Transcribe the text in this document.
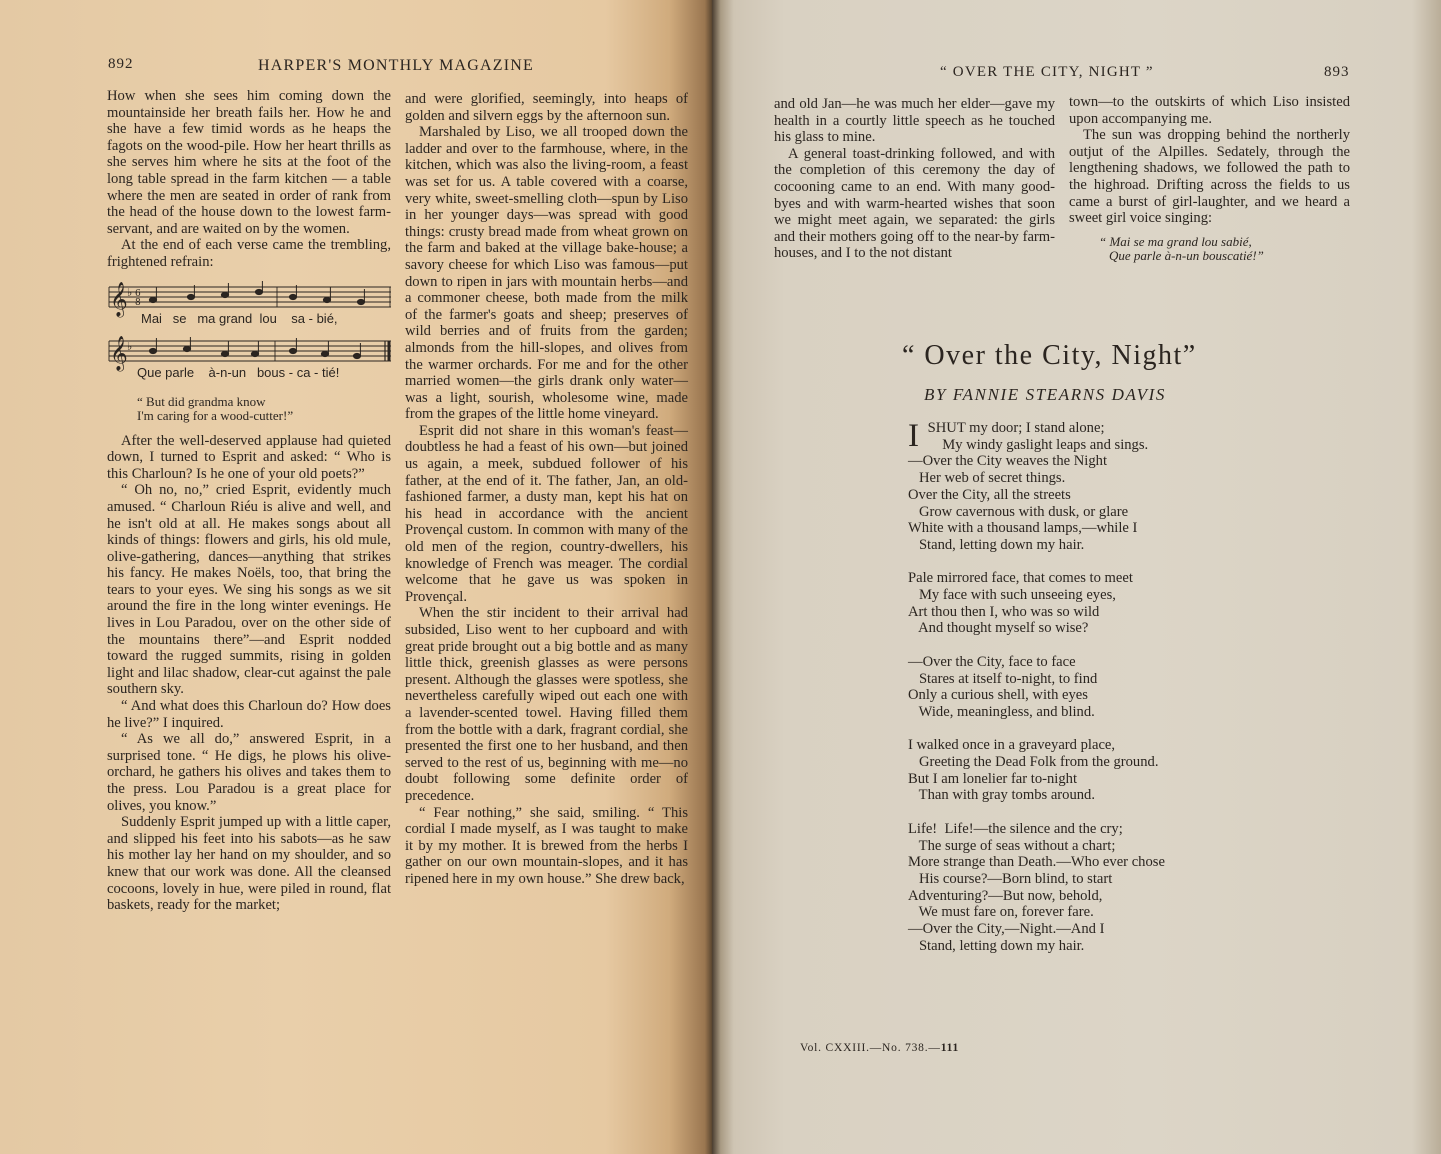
892	HARPER'S MONTHLY MAGAZINE

How when she sees him coming down the mountainside her breath fails her. How he and she have a few timid words as he heaps the fagots on the wood-pile. How her heart thrills as she serves him where he sits at the foot of the long table spread in the farm kitchen — a table where the men are seated in order of rank from the head of the house down to the lowest farm-servant, and are waited on by the women.

At the end of each verse came the trembling, frightened refrain:

𝄞
𝄞
♭
♭
6
8
Mai   se   ma grand  lou    sa - bié,
Que parle    à-n-un   bous - ca - tié!
“ But did grandma know
I'm caring for a wood-cutter!”

After the well-deserved applause had quieted down, I turned to Esprit and asked: “ Who is this Charloun? Is he one of your old poets?”

“ Oh no, no,” cried Esprit, evidently much amused. “ Charloun Riéu is alive and well, and he isn't old at all. He makes songs about all kinds of things: flowers and girls, his old mule, olive-gathering, dances—anything that strikes his fancy. He makes Noëls, too, that bring the tears to your eyes. We sing his songs as we sit around the fire in the long winter evenings. He lives in Lou Paradou, over on the other side of the mountains there”—and Esprit nodded toward the rugged summits, rising in golden light and lilac shadow, clear-cut against the pale southern sky.

“ And what does this Charloun do? How does he live?” I inquired.

“ As we all do,” answered Esprit, in a surprised tone. “ He digs, he plows his olive-orchard, he gathers his olives and takes them to the press. Lou Paradou is a great place for olives, you know.”

Suddenly Esprit jumped up with a little caper, and slipped his feet into his sabots—as he saw his mother lay her hand on my shoulder, and so knew that our work was done. All the cleansed cocoons, lovely in hue, were piled in round, flat baskets, ready for the market;

and were glorified, seemingly, into heaps of golden and silvern eggs by the afternoon sun.

Marshaled by Liso, we all trooped down the ladder and over to the farmhouse, where, in the kitchen, which was also the living-room, a feast was set for us. A table covered with a coarse, very white, sweet-smelling cloth—spun by Liso in her younger days—was spread with good things: crusty bread made from wheat grown on the farm and baked at the village bake-house; a savory cheese for which Liso was famous—put down to ripen in jars with mountain herbs—and a commoner cheese, both made from the milk of the farmer's goats and sheep; preserves of wild berries and of fruits from the garden; almonds from the hill-slopes, and olives from the warmer orchards. For me and for the other married women—the girls drank only water—was a light, sourish, wholesome wine, made from the grapes of the little home vineyard.

Esprit did not share in this woman's feast—doubtless he had a feast of his own—but joined us again, a meek, subdued follower of his father, at the end of it. The father, Jan, an old-fashioned farmer, a dusty man, kept his hat on his head in accordance with the ancient Provençal custom. In common with many of the old men of the region, country-dwellers, his knowledge of French was meager. The cordial welcome that he gave us was spoken in Provençal.

When the stir incident to their arrival had subsided, Liso went to her cupboard and with great pride brought out a big bottle and as many little thick, greenish glasses as were persons present. Although the glasses were spotless, she nevertheless carefully wiped out each one with a lavender-scented towel. Having filled them from the bottle with a dark, fragrant cordial, she presented the first one to her husband, and then served to the rest of us, beginning with me—no doubt following some definite order of precedence.

“ Fear nothing,” she said, smiling. “ This cordial I made myself, as I was taught to make it by my mother. It is brewed from the herbs I gather on our own mountain-slopes, and it has ripened here in my own house.” She drew back,

“ OVER THE CITY, NIGHT ”	893

and old Jan—he was much her elder—gave my health in a courtly little speech as he touched his glass to mine.

A general toast-drinking followed, and with the completion of this ceremony the day of cocooning came to an end. With many good-byes and with warm-hearted wishes that soon we might meet again, we separated: the girls and their mothers going off to the near-by farm-houses, and I to the not distant

town—to the outskirts of which Liso insisted upon accompanying me.

The sun was dropping behind the northerly outjut of the Alpilles. Sedately, through the lengthening shadows, we followed the path to the highroad. Drifting across the fields to us came a burst of girl-laughter, and we heard a sweet girl voice singing:

“ Mai se ma grand lou sabié,
Que parle à-n-un bouscatié!”
“ Over the City, Night”
BY FANNIE STEARNS DAVIS
I SHUT my door; I stand alone;
My windy gaslight leaps and sings.
—Over the City weaves the Night
Her web of secret things.
Over the City, all the streets
Grow cavernous with dusk, or glare
White with a thousand lamps,—while I
Stand, letting down my hair.
Pale mirrored face, that comes to meet
My face with such unseeing eyes,
Art thou then I, who was so wild
And thought myself so wise?
—Over the City, face to face
Stares at itself to-night, to find
Only a curious shell, with eyes
Wide, meaningless, and blind.
I walked once in a graveyard place,
Greeting the Dead Folk from the ground.
But I am lonelier far to-night
Than with gray tombs around.
Life!  Life!—the silence and the cry;
The surge of seas without a chart;
More strange than Death.—Who ever chose
His course?—Born blind, to start
Adventuring?—But now, behold,
We must fare on, forever fare.
—Over the City,—Night.—And I
Stand, letting down my hair.
Vol. CXXIII.—No. 738.—111
